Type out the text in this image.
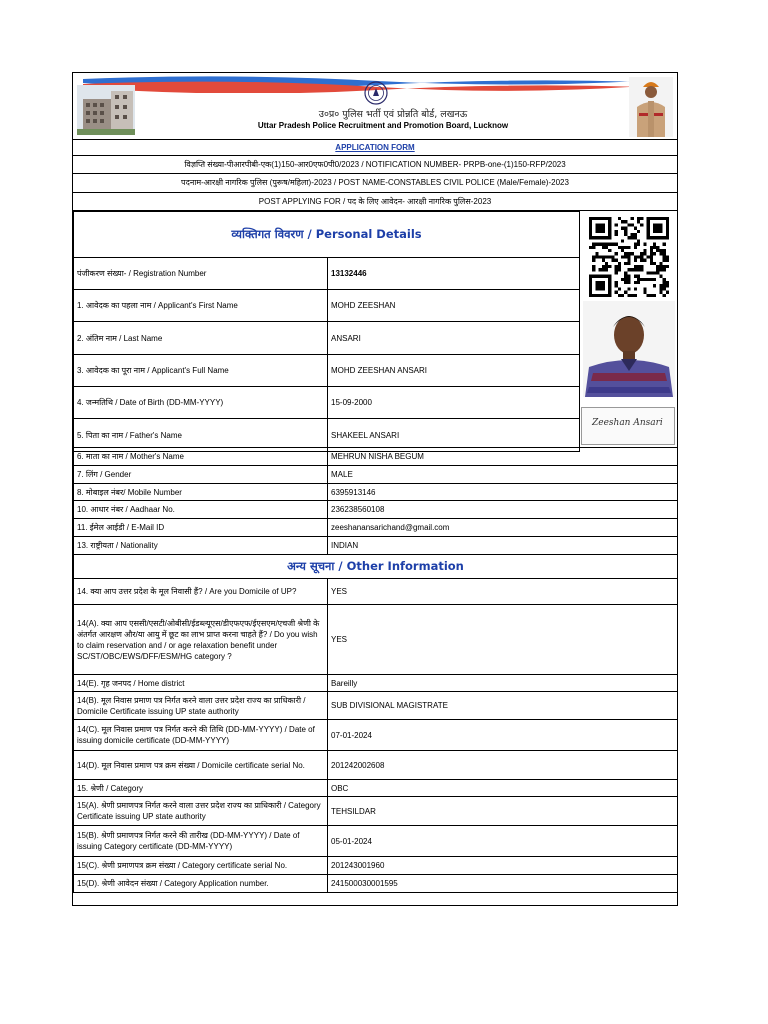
उ०प्र० पुलिस भर्ती एवं प्रोन्नति बोर्ड, लखनऊ
Uttar Pradesh Police Recruitment and Promotion Board, Lucknow
APPLICATION FORM
विज्ञप्ति संख्या-पीआरपीबी-एक(1)150-आर0एफ0पी0/2023 / NOTIFICATION NUMBER- PRPB-one-(1)150-RFP/2023
पदनाम-आरक्षी नागरिक पुलिस (पुरूष/महिला)-2023 / POST NAME-CONSTABLES CIVIL POLICE (Male/Female)-2023
POST APPLYING FOR / पद के लिए आवेदन- आरक्षी नागरिक पुलिस-2023
व्यक्तिगत विवरण / Personal Details	
पंजीकरण संख्या- / Registration Number	13132446
1. आवेदक का पहला नाम / Applicant's First Name	MOHD ZEESHAN
2. अंतिम नाम / Last Name	ANSARI
3. आवेदक का पूरा नाम / Applicant's Full Name	MOHD ZEESHAN ANSARI
4. जन्मतिथि / Date of Birth (DD-MM-YYYY)	15-09-2000
5. पिता का नाम / Father's Name	SHAKEEL ANSARI
Zeeshan Ansari
6. माता का नाम / Mother's Name	MEHRUN NISHA BEGUM
7. लिंग / Gender	MALE
8. मोबाइल नंबर/ Mobile Number	6395913146
10. आधार नंबर / Aadhaar No.	236238560108
11. ईमेल आईडी / E-Mail ID	zeeshanansarichand@gmail.com
13. राष्ट्रीयता / Nationality	INDIAN
अन्य सूचना / Other Information	
14. क्या आप उत्तर प्रदेश के मूल निवासी हैं? / Are you Domicile of UP?	YES
14(A). क्या आप एससी/एसटी/ओबीसी/ईडब्ल्यूएस/डीएफएफ/ईएसएम/एचजी श्रेणी के अंतर्गत आरक्षण और/या आयु में छूट का लाभ प्राप्त करना चाहते हैं? / Do you wish to claim reservation and / or age relaxation benefit under SC/ST/OBC/EWS/DFF/ESM/HG category ?	YES
14(E). गृह जनपद / Home district	Bareilly
14(B). मूल निवास प्रमाण पत्र निर्गत करने वाला उत्तर प्रदेश राज्य का प्राधिकारी / Domicile Certificate issuing UP state authority	SUB DIVISIONAL MAGISTRATE
14(C). मूल निवास प्रमाण पत्र निर्गत करने की तिथि (DD-MM-YYYY) / Date of issuing domicile certificate (DD-MM-YYYY)	07-01-2024
14(D). मूल निवास प्रमाण पत्र क्रम संख्या / Domicile certificate serial No.	201242002608
15. श्रेणी / Category	OBC
15(A). श्रेणी प्रमाणपत्र निर्गत करने वाला उत्तर प्रदेश राज्य का प्राधिकारी / Category Certificate issuing UP state authority	TEHSILDAR
15(B). श्रेणी प्रमाणपत्र निर्गत करने की तारीख (DD-MM-YYYY) / Date of issuing Category certificate (DD-MM-YYYY)	05-01-2024
15(C). श्रेणी प्रमाणपत्र क्रम संख्या / Category certificate serial No.	201243001960
15(D). श्रेणी आवेदन संख्या / Category Application number.	241500030001595
